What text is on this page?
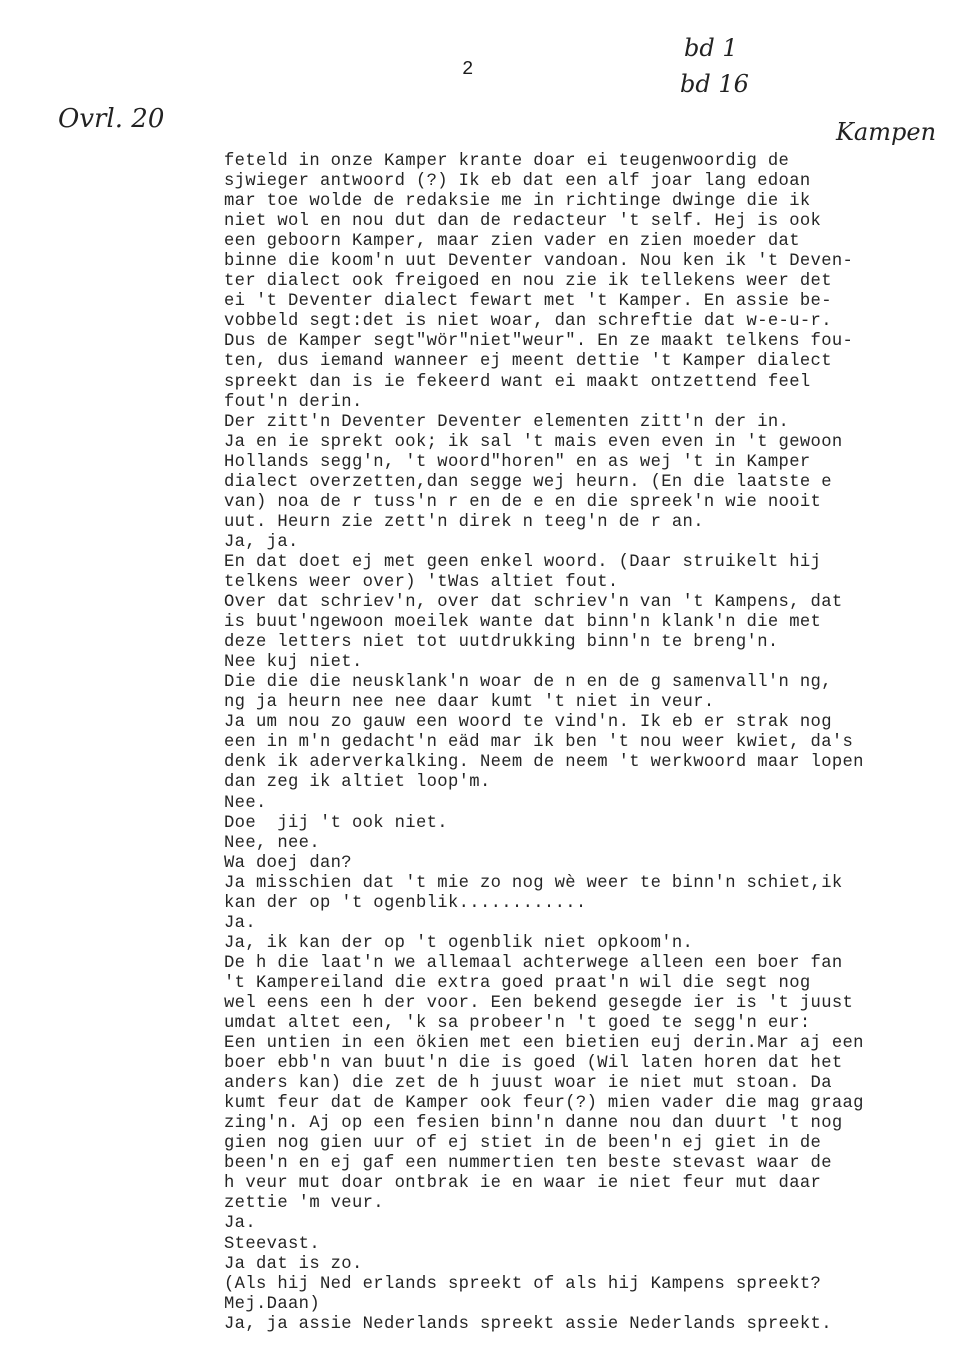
2
bd 1
bd 16
Ovrl. 20	Kampen
feteld in onze Kamper krante doar ei teugenwoordig de
sjwieger antwoord (?) Ik eb dat een alf joar lang edoan
mar toe wolde de redaksie me in richtinge dwinge die ik
niet wol en nou dut dan de redacteur 't self. Hej is ook
een geboorn Kamper, maar zien vader en zien moeder dat
binne die koom'n uut Deventer vandoan. Nou ken ik 't Deven-
ter dialect ook freigoed en nou zie ik tellekens weer det
ei 't Deventer dialect fewart met 't Kamper. En assie be-
vobbeld segt:det is niet woar, dan schreftie dat w-e-u-r.
Dus de Kamper segt"wör"niet"weur". En ze maakt telkens fou-
ten, dus iemand wanneer ej meent dettie 't Kamper dialect
spreekt dan is ie fekeerd want ei maakt ontzettend feel
fout'n derin.
Der zitt'n Deventer Deventer elementen zitt'n der in.
Ja en ie sprekt ook; ik sal 't mais even even in 't gewoon
Hollands segg'n, 't woord"horen" en as wej 't in Kamper
dialect overzetten,dan segge wej heurn. (En die laatste e
van) noa de r tuss'n r en de e en die spreek'n wie nooit
uut. Heurn zie zett'n direk n teeg'n de r an.
Ja, ja.
En dat doet ej met geen enkel woord. (Daar struikelt hij
telkens weer over) 'tWas altiet fout.
Over dat schriev'n, over dat schriev'n van 't Kampens, dat
is buut'ngewoon moeilek wante dat binn'n klank'n die met
deze letters niet tot uutdrukking binn'n te breng'n.
Nee kuj niet.
Die die die neusklank'n woar de n en de g samenvall'n ng,
ng ja heurn nee nee daar kumt 't niet in veur.
Ja um nou zo gauw een woord te vind'n. Ik eb er strak nog
een in m'n gedacht'n eäd mar ik ben 't nou weer kwiet, da's
denk ik aderverkalking. Neem de neem 't werkwoord maar lopen
dan zeg ik altiet loop'm.
Nee.
Doe  jij 't ook niet.
Nee, nee.
Wa doej dan?
Ja misschien dat 't mie zo nog wè weer te binn'n schiet,ik
kan der op 't ogenblik............
Ja.
Ja, ik kan der op 't ogenblik niet opkoom'n.
De h die laat'n we allemaal achterwege alleen een boer fan
't Kampereiland die extra goed praat'n wil die segt nog
wel eens een h der voor. Een bekend gesegde ier is 't juust
umdat altet een, 'k sa probeer'n 't goed te segg'n eur:
Een untien in een ökien met een bietien euj derin.Mar aj een
boer ebb'n van buut'n die is goed (Wil laten horen dat het
anders kan) die zet de h juust woar ie niet mut stoan. Da
kumt feur dat de Kamper ook feur(?) mien vader die mag graag
zing'n. Aj op een fesien binn'n danne nou dan duurt 't nog
gien nog gien uur of ej stiet in de been'n ej giet in de
been'n en ej gaf een nummertien ten beste stevast waar de
h veur mut doar ontbrak ie en waar ie niet feur mut daar
zettie 'm veur.
Ja.
Steevast.
Ja dat is zo.
(Als hij Ned erlands spreekt of als hij Kampens spreekt?
Mej.Daan)
Ja, ja assie Nederlands spreekt assie Nederlands spreekt.
